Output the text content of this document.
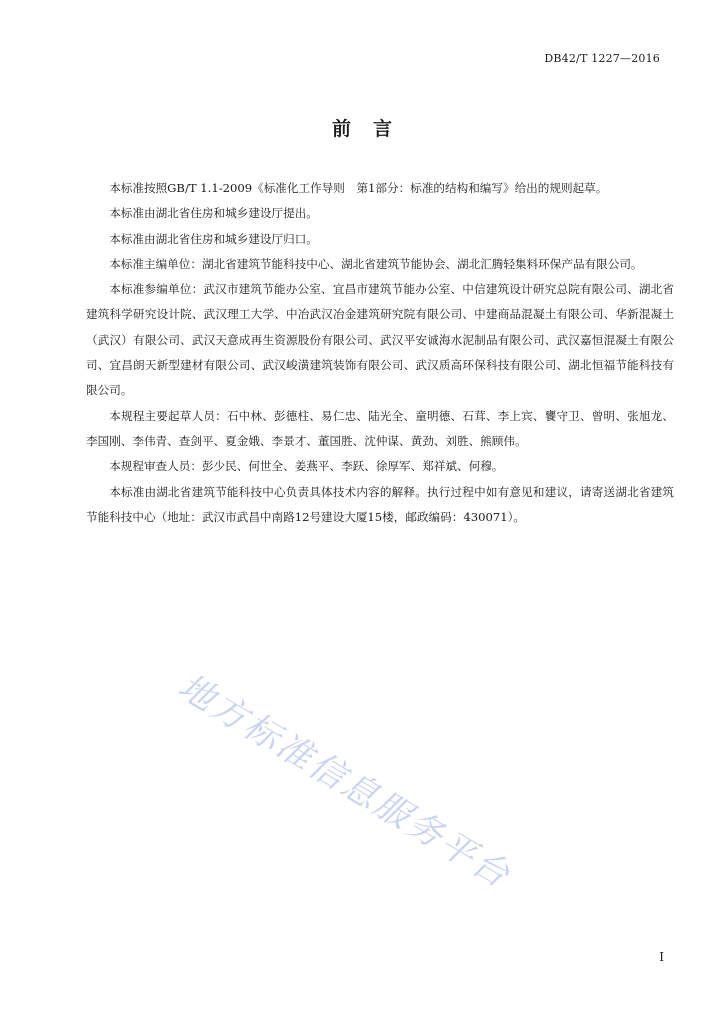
DB42/T 1227—2016
前言

本标准按照GB/T 1.1-2009《标准化工作导则　第1部分：标准的结构和编写》给出的规则起草。

本标准由湖北省住房和城乡建设厅提出。

本标准由湖北省住房和城乡建设厅归口。

本标准主编单位：湖北省建筑节能科技中心、湖北省建筑节能协会、湖北汇腾轻集料环保产品有限公司。

本标准参编单位：武汉市建筑节能办公室、宜昌市建筑节能办公室、中信建筑设计研究总院有限公司、湖北省建筑科学研究设计院、武汉理工大学、中冶武汉冶金建筑研究院有限公司、中建商品混凝土有限公司、华新混凝土（武汉）有限公司、武汉天意成再生资源股份有限公司、武汉平安诚海水泥制品有限公司、武汉嘉恒混凝土有限公司、宜昌朗天新型建材有限公司、武汉峻潢建筑装饰有限公司、武汉质高环保科技有限公司、湖北恒福节能科技有限公司。

本规程主要起草人员：石中林、彭德柱、易仁忠、陆光全、童明德、石茸、李上宾、饔守卫、曾明、张旭龙、李国刚、李伟青、查剑平、夏金娥、李景才、董国胜、沈仲谋、黄劲、刘胜、熊顾伟。

本规程审查人员：彭少民、何世全、姜燕平、李跃、徐厚军、郑祥斌、何穆。

本标准由湖北省建筑节能科技中心负责具体技术内容的解释。执行过程中如有意见和建议，请寄送湖北省建筑节能科技中心（地址：武汉市武昌中南路12号建设大厦15楼，邮政编码：430071）。

地方标准信息服务平台
I
